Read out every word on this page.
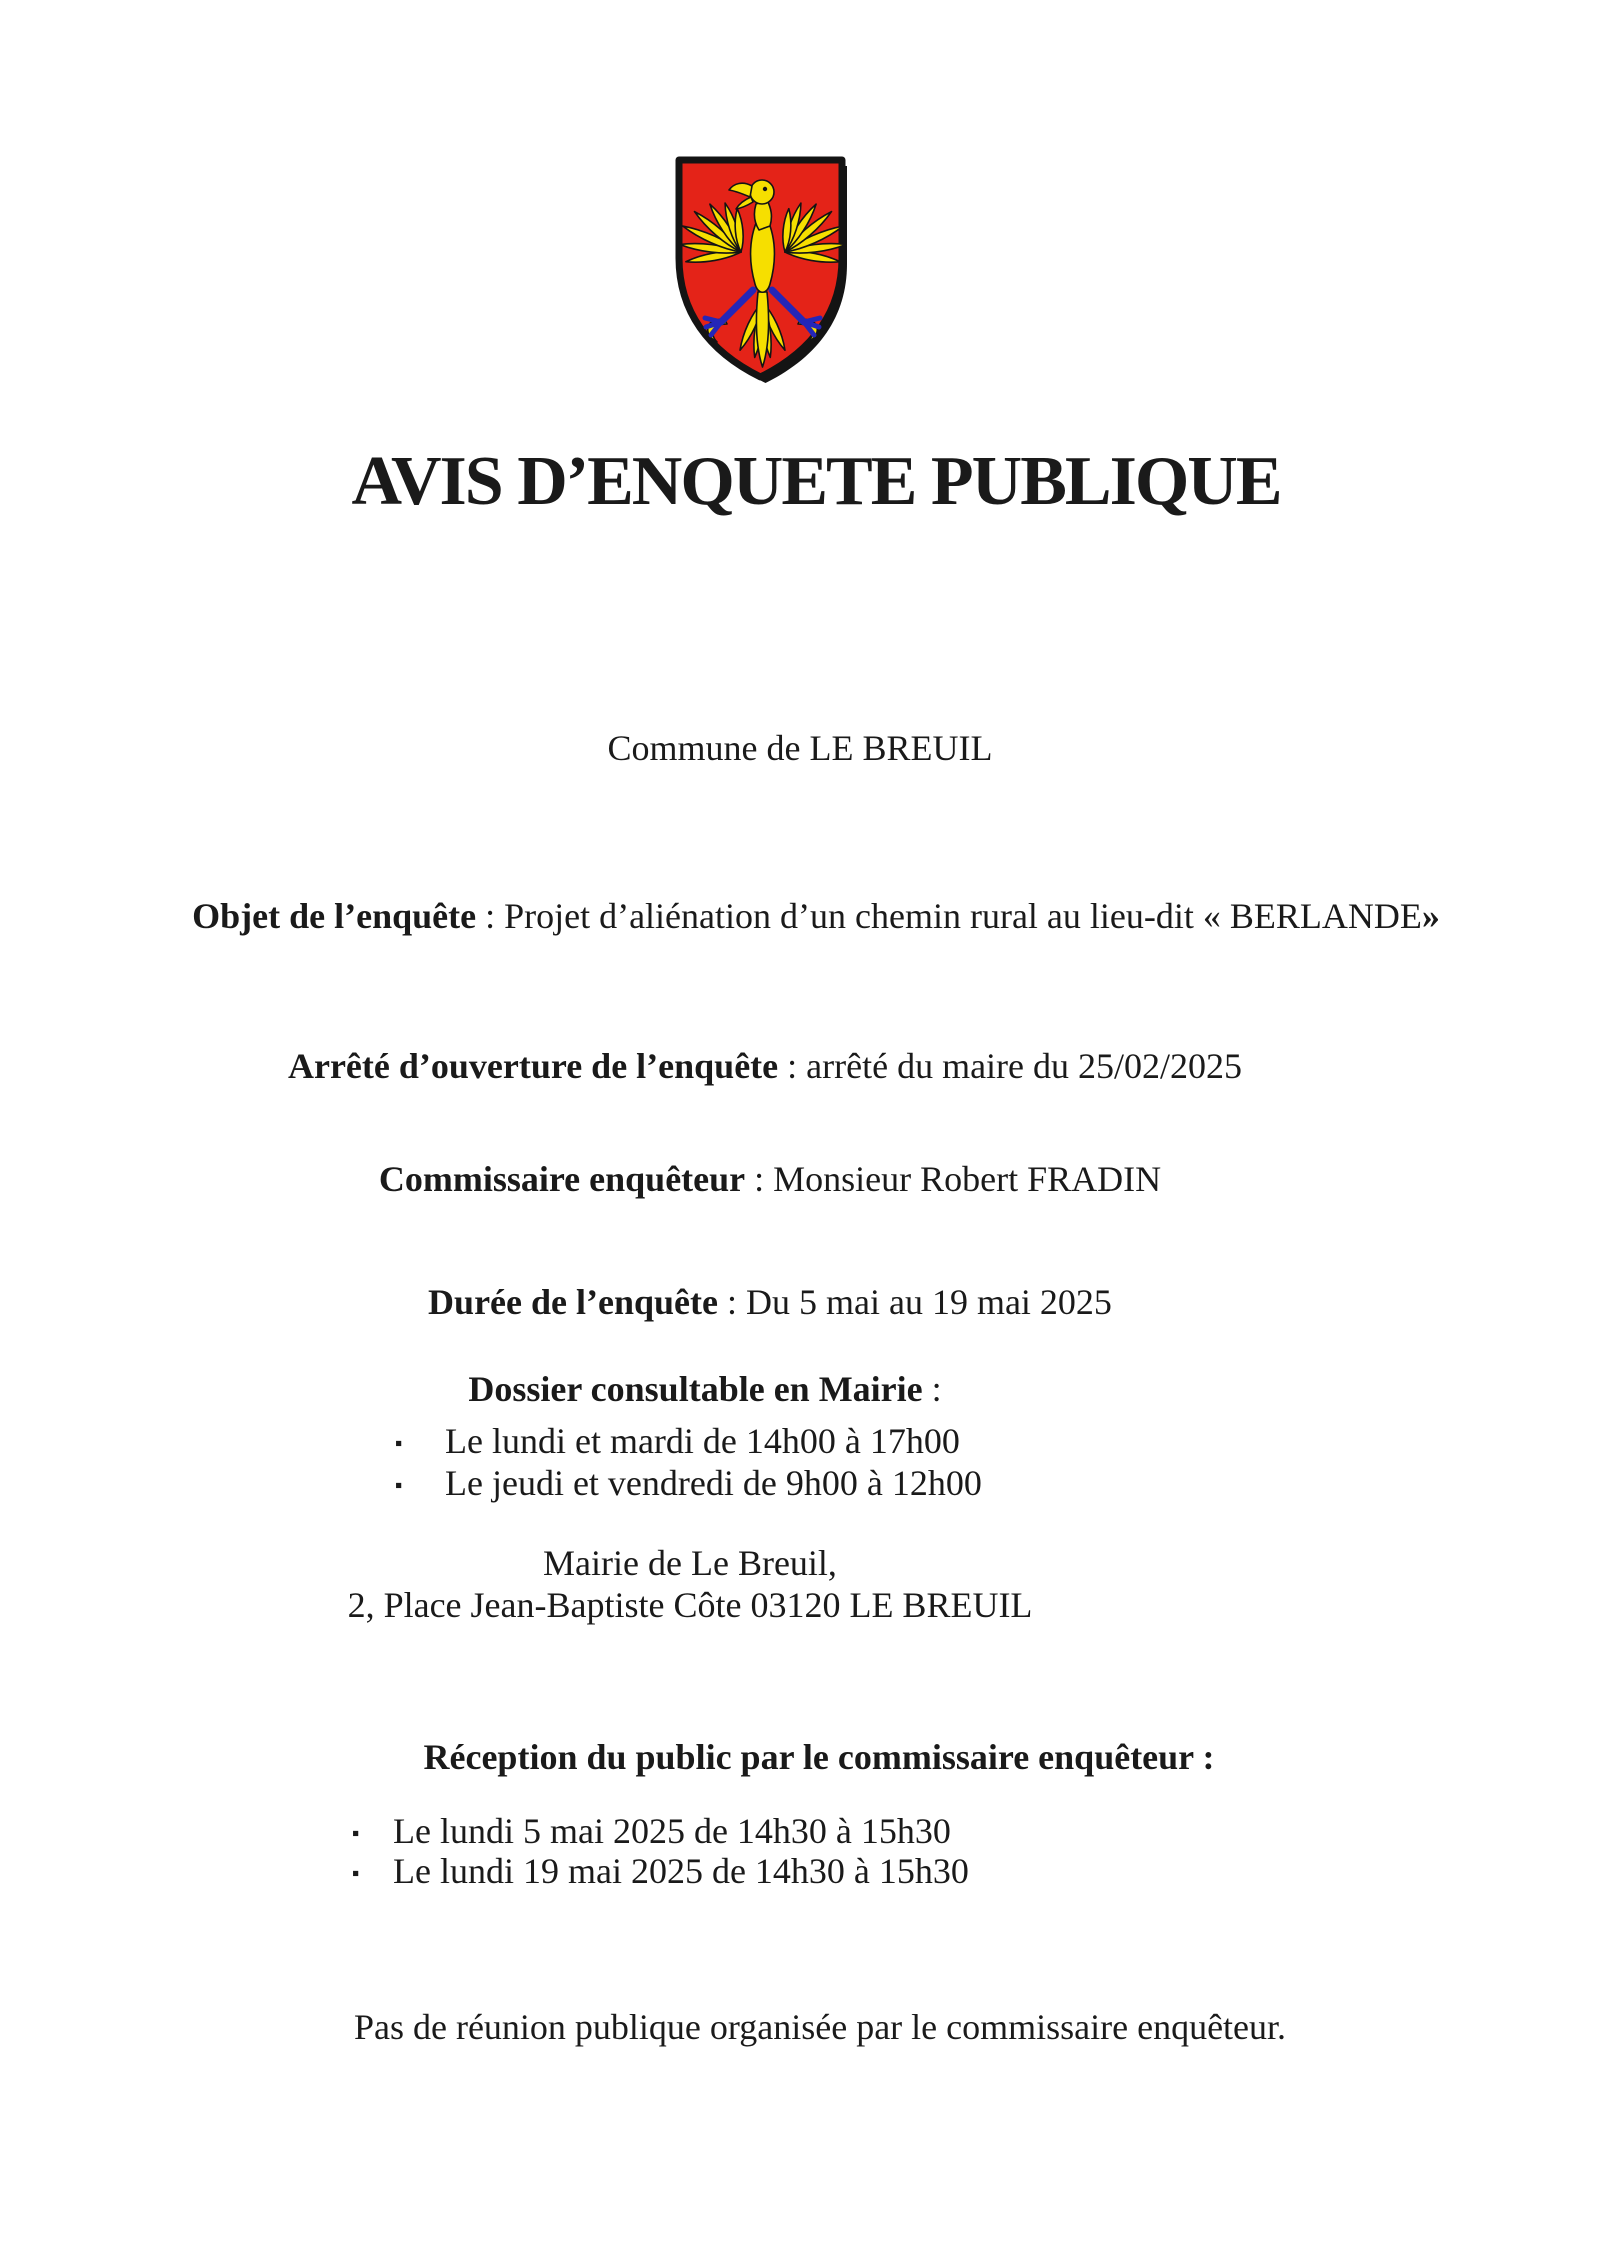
AVIS D’ENQUETE PUBLIQUE

Commune de LE BREUIL

Objet de l’enquête : Projet d’aliénation d’un chemin rural au lieu-dit « BERLANDE»

Arrêté d’ouverture de l’enquête : arrêté du maire du 25/02/2025

Commissaire enquêteur : Monsieur Robert FRADIN

Durée de l’enquête : Du 5 mai au 19 mai 2025

Dossier consultable en Mairie :

▪ Le lundi et mardi de 14h00 à 17h00
▪ Le jeudi et vendredi de 9h00 à 12h00

Mairie de Le Breuil,
2, Place Jean-Baptiste Côte 03120 LE BREUIL

Réception du public par le commissaire enquêteur :

▪ Le lundi 5 mai 2025 de 14h30 à 15h30
▪ Le lundi 19 mai 2025 de 14h30 à 15h30

Pas de réunion publique organisée par le commissaire enquêteur.
